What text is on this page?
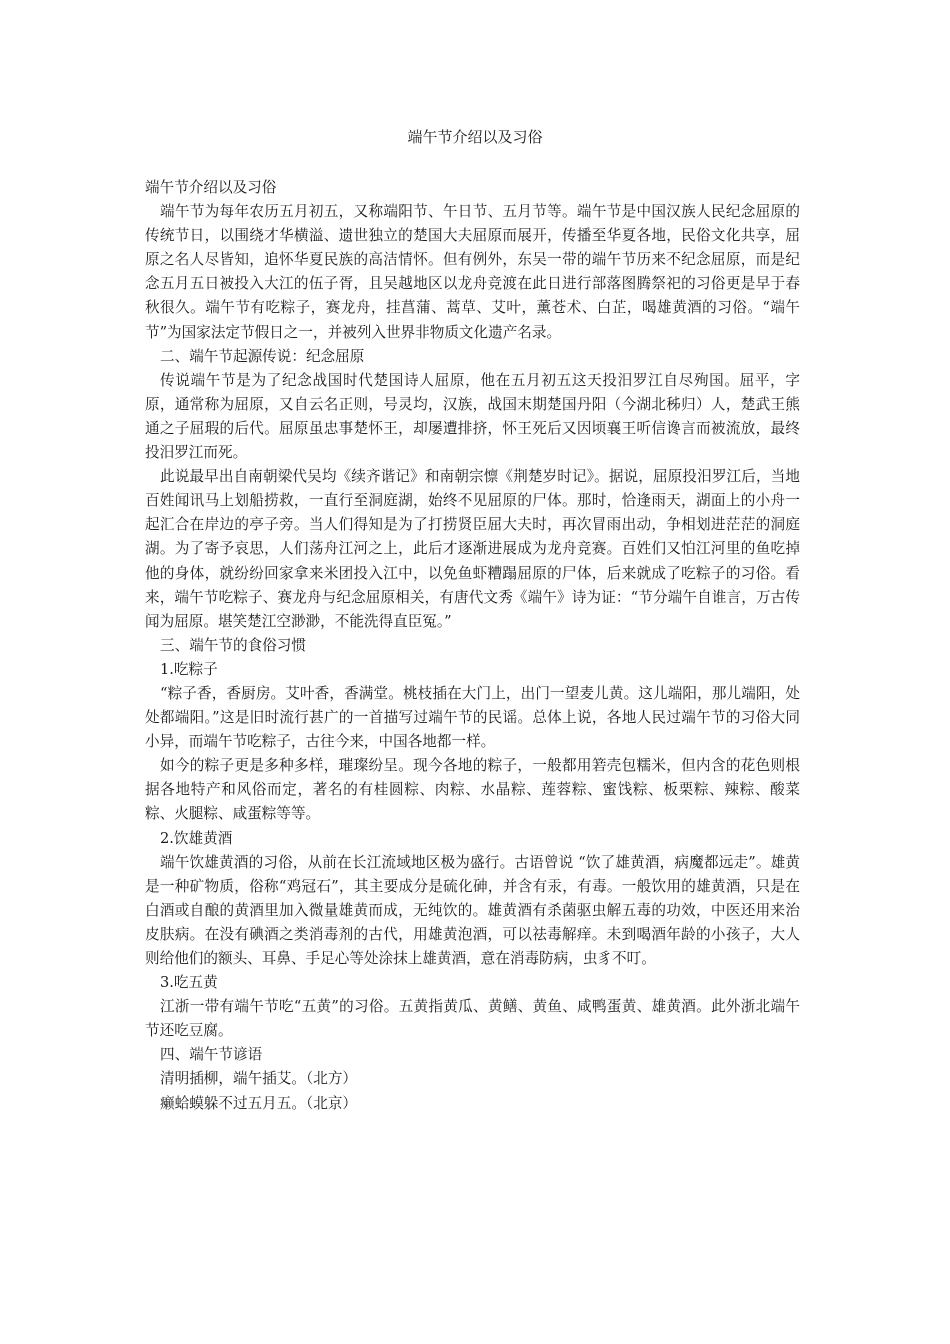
端午节介绍以及习俗

端午节介绍以及习俗

端午节为每年农历五月初五，又称端阳节、午日节、五月节等。端午节是中国汉族人民纪念屈原的传统节日，以围绕才华横溢、遗世独立的楚国大夫屈原而展开，传播至华夏各地，民俗文化共享，屈原之名人尽皆知，追怀华夏民族的高洁情怀。但有例外，东吴一带的端午节历来不纪念屈原，而是纪念五月五日被投入大江的伍子胥，且吴越地区以龙舟竞渡在此日进行部落图腾祭祀的习俗更是早于春秋很久。端午节有吃粽子，赛龙舟，挂菖蒲、蒿草、艾叶，薰苍术、白芷，喝雄黄酒的习俗。“端午节”为国家法定节假日之一，并被列入世界非物质文化遗产名录。

二、端午节起源传说：纪念屈原

传说端午节是为了纪念战国时代楚国诗人屈原，他在五月初五这天投汨罗江自尽殉国。屈平，字原，通常称为屈原，又自云名正则，号灵均，汉族，战国末期楚国丹阳（今湖北秭归）人，楚武王熊通之子屈瑕的后代。屈原虽忠事楚怀王，却屡遭排挤，怀王死后又因顷襄王听信谗言而被流放，最终投汨罗江而死。

此说最早出自南朝梁代吴均《续齐谐记》和南朝宗懔《荆楚岁时记》。据说，屈原投汨罗江后，当地百姓闻讯马上划船捞救，一直行至洞庭湖，始终不见屈原的尸体。那时，恰逢雨天，湖面上的小舟一起汇合在岸边的亭子旁。当人们得知是为了打捞贤臣屈大夫时，再次冒雨出动，争相划进茫茫的洞庭湖。为了寄予哀思，人们荡舟江河之上，此后才逐渐进展成为龙舟竞赛。百姓们又怕江河里的鱼吃掉他的身体，就纷纷回家拿来米团投入江中，以免鱼虾糟蹋屈原的尸体，后来就成了吃粽子的习俗。看来，端午节吃粽子、赛龙舟与纪念屈原相关，有唐代文秀《端午》诗为证：“节分端午自谁言，万古传闻为屈原。堪笑楚江空渺渺，不能洗得直臣冤。”

三、端午节的食俗习惯

1.吃粽子

“粽子香，香厨房。艾叶香，香满堂。桃枝插在大门上，出门一望麦儿黄。这儿端阳，那儿端阳，处处都端阳。”这是旧时流行甚广的一首描写过端午节的民谣。总体上说，各地人民过端午节的习俗大同小异，而端午节吃粽子，古往今来，中国各地都一样。

如今的粽子更是多种多样，璀璨纷呈。现今各地的粽子，一般都用箬壳包糯米，但内含的花色则根据各地特产和风俗而定，著名的有桂圆粽、肉粽、水晶粽、莲蓉粽、蜜饯粽、板栗粽、辣粽、酸菜粽、火腿粽、咸蛋粽等等。

2.饮雄黄酒

端午饮雄黄酒的习俗，从前在长江流域地区极为盛行。古语曾说 “饮了雄黄酒，病魔都远走”。雄黄是一种矿物质，俗称“鸡冠石”，其主要成分是硫化砷，并含有汞，有毒。一般饮用的雄黄酒，只是在白酒或自酿的黄酒里加入微量雄黄而成，无纯饮的。雄黄酒有杀菌驱虫解五毒的功效，中医还用来治皮肤病。在没有碘酒之类消毒剂的古代，用雄黄泡酒，可以祛毒解痒。未到喝酒年龄的小孩子，大人则给他们的额头、耳鼻、手足心等处涂抹上雄黄酒，意在消毒防病，虫豸不叮。

3.吃五黄

江浙一带有端午节吃“五黄”的习俗。五黄指黄瓜、黄鳝、黄鱼、咸鸭蛋黄、雄黄酒。此外浙北端午节还吃豆腐。

四、端午节谚语

清明插柳，端午插艾。（北方）

癞蛤蟆躲不过五月五。（北京）
